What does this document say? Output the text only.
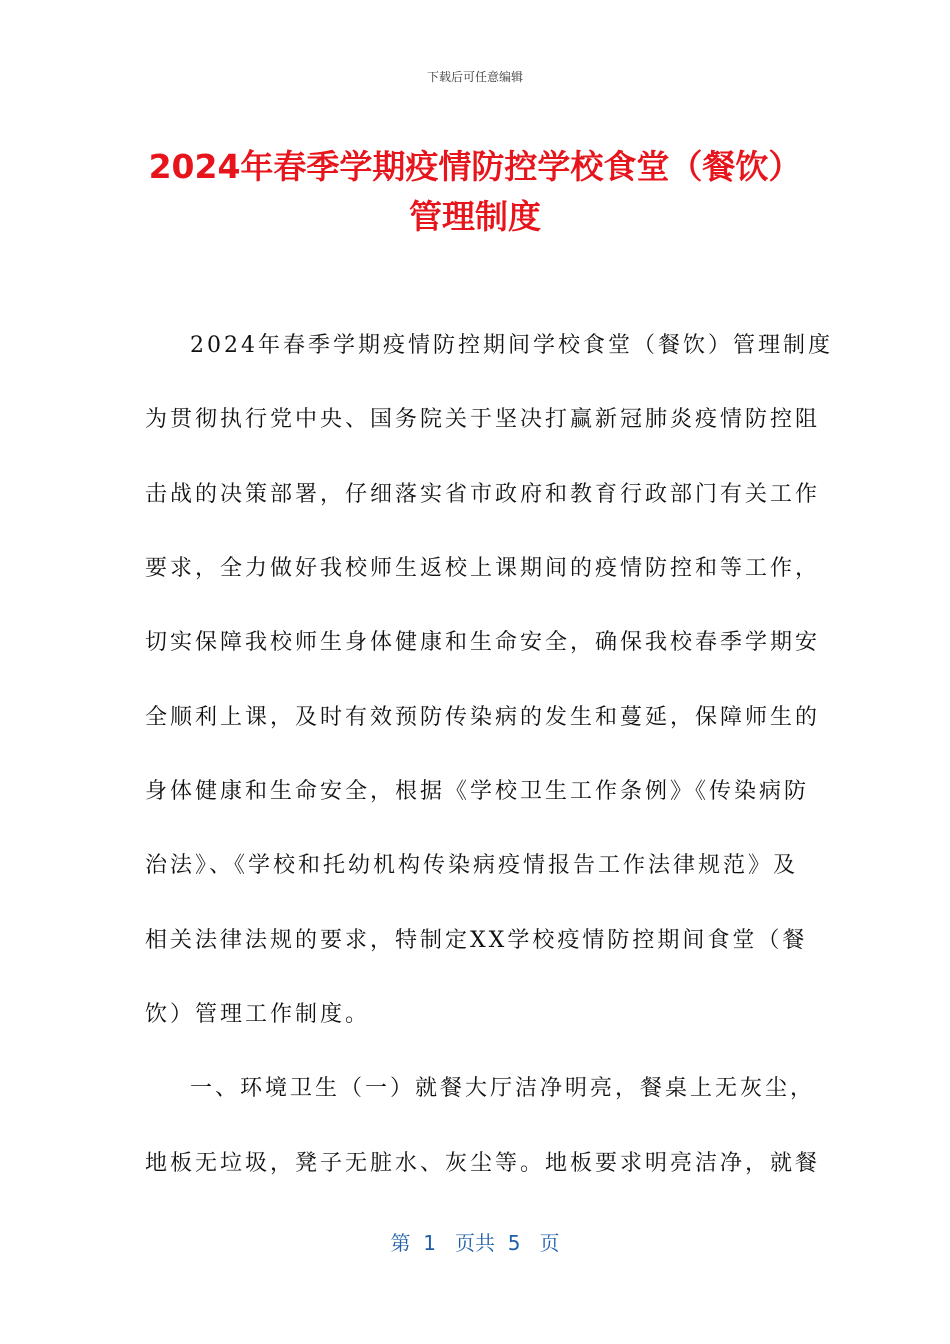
下载后可任意编辑
2024年春季学期疫情防控学校食堂（餐饮）
管理制度
2024年春季学期疫情防控期间学校食堂（餐饮）管理制度
为贯彻执行党中央、国务院关于坚决打赢新冠肺炎疫情防控阻
击战的决策部署，仔细落实省市政府和教育行政部门有关工作
要求，全力做好我校师生返校上课期间的疫情防控和等工作，
切实保障我校师生身体健康和生命安全，确保我校春季学期安
全顺利上课，及时有效预防传染病的发生和蔓延，保障师生的
身体健康和生命安全，根据《学校卫生工作条例》《传染病防
治法》、《学校和托幼机构传染病疫情报告工作法律规范》及
相关法律法规的要求，特制定XX学校疫情防控期间食堂（餐
饮）管理工作制度。
一、环境卫生（一）就餐大厅洁净明亮，餐桌上无灰尘，
地板无垃圾，凳子无脏水、灰尘等。地板要求明亮洁净，就餐
第  1   页共  5   页
